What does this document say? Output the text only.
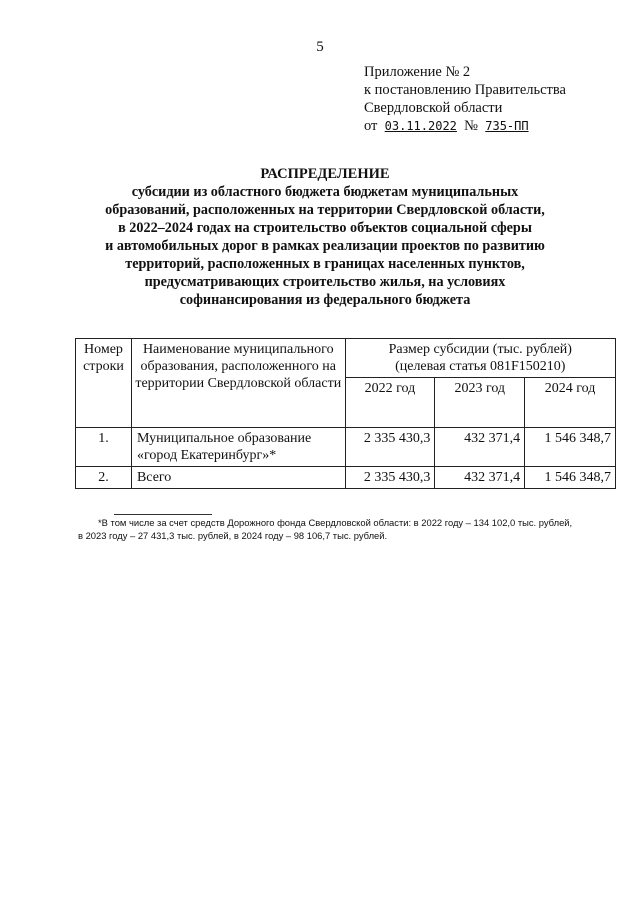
5
Приложение № 2
к постановлению Правительства
Свердловской области
от 03.11.2022 № 735-ПП
РАСПРЕДЕЛЕНИЕ
субсидии из областного бюджета бюджетам муниципальных
образований, расположенных на территории Свердловской области,
в 2022–2024 годах на строительство объектов социальной сферы
и автомобильных дорог в рамках реализации проектов по развитию
территорий, расположенных в границах населенных пунктов,
предусматривающих строительство жилья, на условиях
софинансирования из федерального бюджета
Номер строки	Наименование муниципального образования, расположенного на территории Свердловской области	Размер субсидии (тыс. рублей)
(целевая статья 081F150210)		

		2022 год	2023 год	2024 год
1.	Муниципальное образование «город Екатеринбург»*	2 335 430,3	432 371,4	1 546 348,7
2.	Всего	2 335 430,3	432 371,4	1 546 348,7
*В том числе за счет средств Дорожного фонда Свердловской области: в 2022 году – 134 102,0 тыс. рублей,
в 2023 году – 27 431,3 тыс. рублей, в 2024 году – 98 106,7 тыс. рублей.
